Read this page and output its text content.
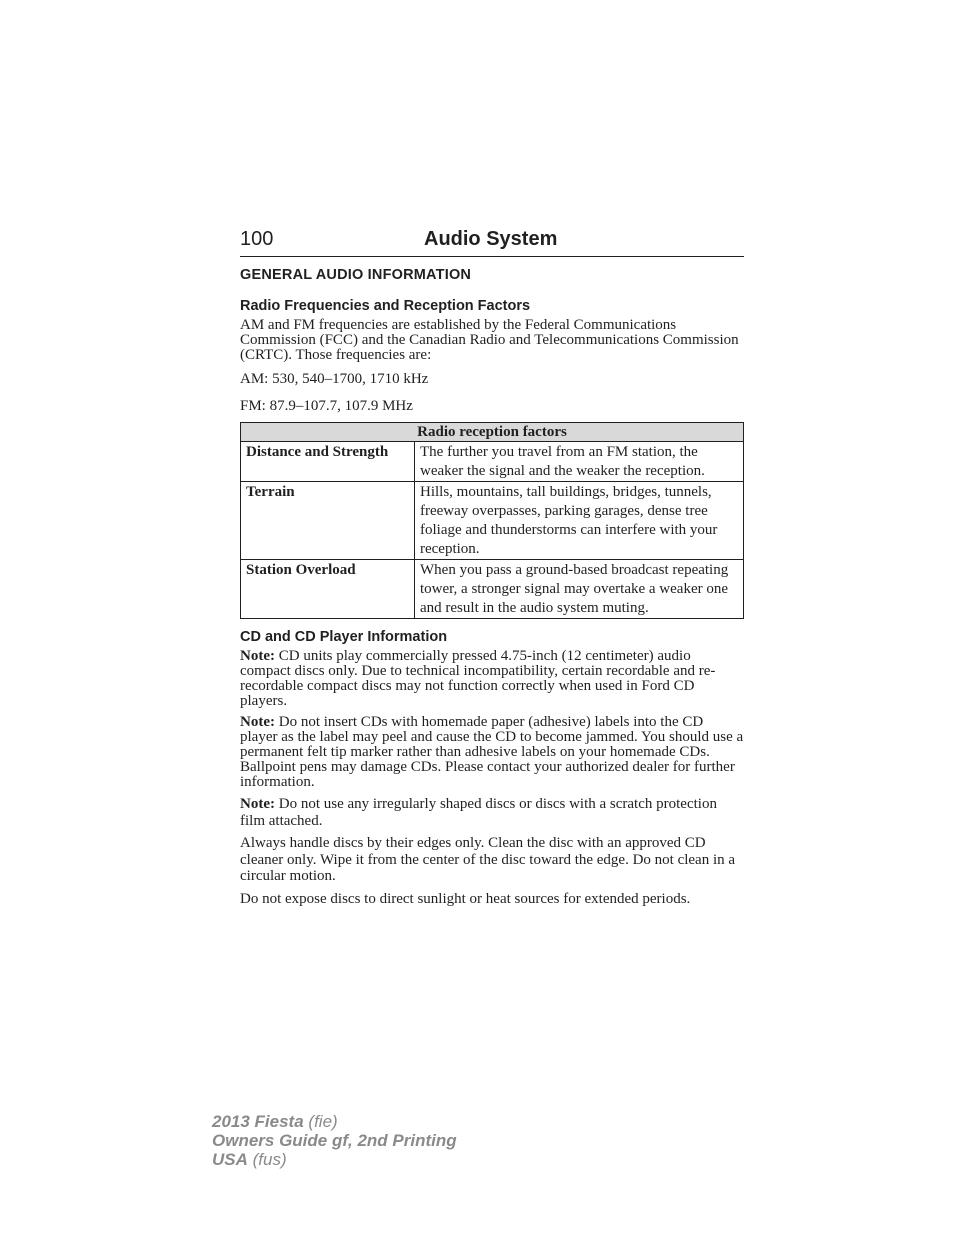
100	Audio System
GENERAL AUDIO INFORMATION
Radio Frequencies and Reception Factors

AM and FM frequencies are established by the Federal Communications Commission (FCC) and the Canadian Radio and Telecommunications Commission (CRTC). Those frequencies are:

AM: 530, 540–1700, 1710 kHz

FM: 87.9–107.7, 107.9 MHz

Radio reception factors	
Distance and Strength	The further you travel from an FM station, the weaker the signal and the weaker the reception.
Terrain	Hills, mountains, tall buildings, bridges, tunnels, freeway overpasses, parking garages, dense tree foliage and thunderstorms can interfere with your reception.
Station Overload	When you pass a ground-based broadcast repeating tower, a stronger signal may overtake a weaker one and result in the audio system muting.
CD and CD Player Information

Note: CD units play commercially pressed 4.75-inch (12 centimeter) audio compact discs only. Due to technical incompatibility, certain recordable and re-recordable compact discs may not function correctly when used in Ford CD players.

Note: Do not insert CDs with homemade paper (adhesive) labels into the CD player as the label may peel and cause the CD to become jammed. You should use a permanent felt tip marker rather than adhesive labels on your homemade CDs. Ballpoint pens may damage CDs. Please contact your authorized dealer for further information.

Note: Do not use any irregularly shaped discs or discs with a scratch protection film attached.

Always handle discs by their edges only. Clean the disc with an approved CD cleaner only. Wipe it from the center of the disc toward the edge. Do not clean in a circular motion.

Do not expose discs to direct sunlight or heat sources for extended periods.

2013 Fiesta (fie)
Owners Guide gf, 2nd Printing
USA (fus)
